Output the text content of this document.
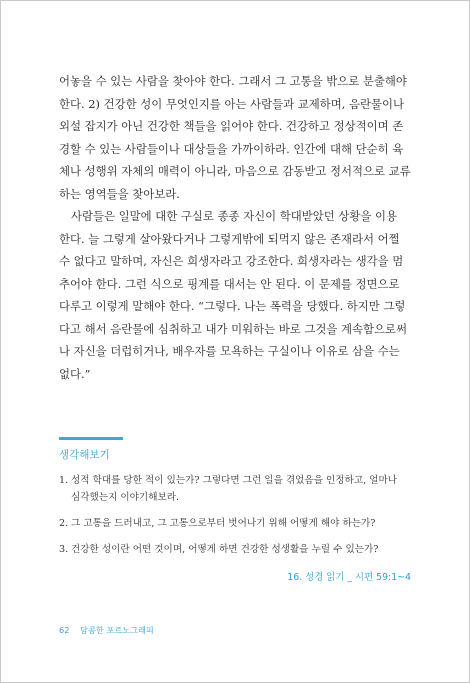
어놓을 수 있는 사람을 찾아야 한다. 그래서 그 고통을 밖으로 분출해야
한다. 2) 건강한 성이 무엇인지를 아는 사람들과 교제하며, 음란물이나
외설 잡지가 아닌 건강한 책들을 읽어야 한다. 건강하고 정상적이며 존
경할 수 있는 사람들이나 대상들을 가까이하라. 인간에 대해 단순히 육
체나 성행위 자체의 매력이 아니라, 마음으로 감동받고 정서적으로 교류
하는 영역들을 찾아보라.
사람들은 일말에 대한 구실로 종종 자신이 학대받았던 상황을 이용
한다. 늘 그렇게 살아왔다거나 그렇게밖에 되먹지 않은 존재라서 어쩔
수 없다고 말하며, 자신은 희생자라고 강조한다. 희생자라는 생각을 멈
추어야 한다. 그런 식으로 핑계를 대서는 안 된다. 이 문제를 정면으로
다루고 이렇게 말해야 한다. “그렇다. 나는 폭력을 당했다. 하지만 그렇
다고 해서 음란물에 심취하고 내가 미워하는 바로 그것을 계속함으로써
나 자신을 더럽히거나, 배우자를 모욕하는 구실이나 이유로 삼을 수는
없다.”
생각해보기
1. 성적 학대를 당한 적이 있는가? 그렇다면 그런 일을 겪었음을 인정하고, 얼마나
심각했는지 이야기해보라.
2. 그 고통을 드러내고, 그 고통으로부터 벗어나기 위해 어떻게 해야 하는가?
3. 건강한 성이란 어떤 것이며, 어떻게 하면 건강한 성생활을 누릴 수 있는가?
16. 성경 읽기 _ 시편 59:1~4
62 담콤한 포르노그래피
